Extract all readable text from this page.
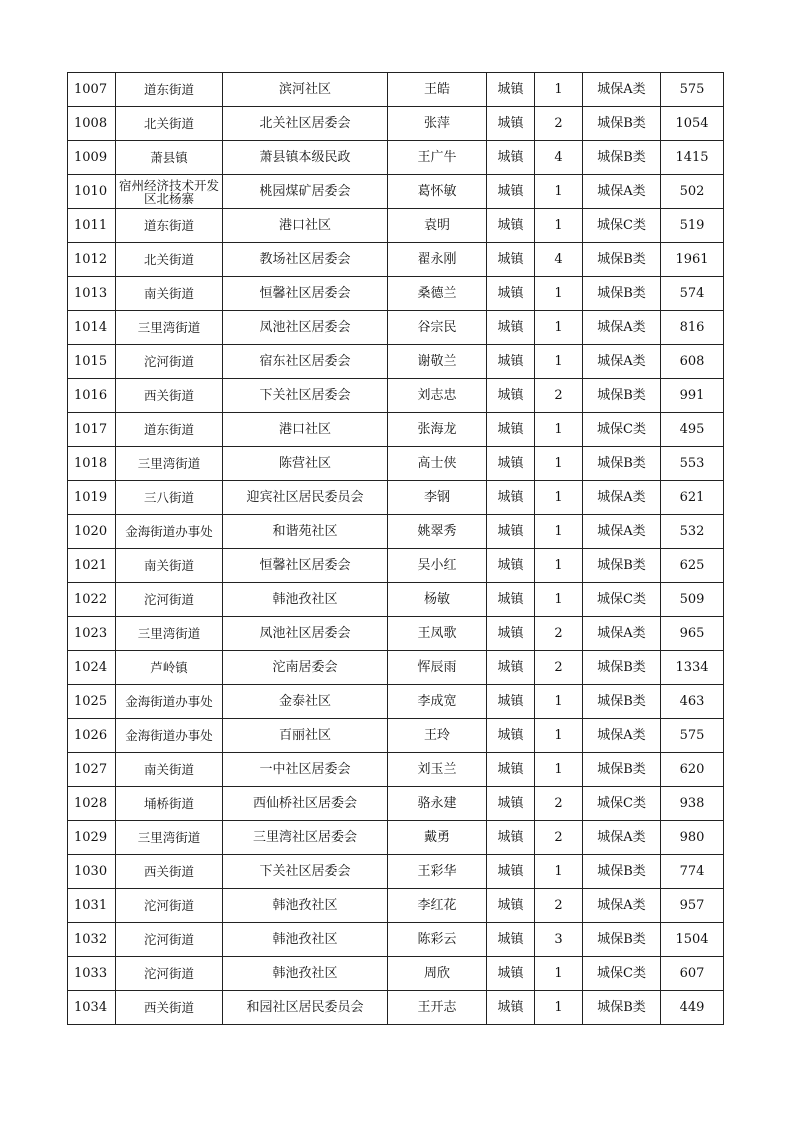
1007	道东街道	滨河社区	王皓	城镇	1	城保A类	575
1008	北关街道	北关社区居委会	张萍	城镇	2	城保B类	1054
1009	萧县镇	萧县镇本级民政	王广牛	城镇	4	城保B类	1415
1010	宿州经济技术开发区北杨寨	桃园煤矿居委会	葛怀敏	城镇	1	城保A类	502
1011	道东街道	港口社区	袁明	城镇	1	城保C类	519
1012	北关街道	教场社区居委会	翟永刚	城镇	4	城保B类	1961
1013	南关街道	恒馨社区居委会	桑德兰	城镇	1	城保B类	574
1014	三里湾街道	凤池社区居委会	谷宗民	城镇	1	城保A类	816
1015	沱河街道	宿东社区居委会	谢敬兰	城镇	1	城保A类	608
1016	西关街道	下关社区居委会	刘志忠	城镇	2	城保B类	991
1017	道东街道	港口社区	张海龙	城镇	1	城保C类	495
1018	三里湾街道	陈营社区	高士侠	城镇	1	城保B类	553
1019	三八街道	迎宾社区居民委员会	李钢	城镇	1	城保A类	621
1020	金海街道办事处	和谐苑社区	姚翠秀	城镇	1	城保A类	532
1021	南关街道	恒馨社区居委会	吴小红	城镇	1	城保B类	625
1022	沱河街道	韩池孜社区	杨敏	城镇	1	城保C类	509
1023	三里湾街道	凤池社区居委会	王凤歌	城镇	2	城保A类	965
1024	芦岭镇	沱南居委会	恽辰雨	城镇	2	城保B类	1334
1025	金海街道办事处	金泰社区	李成宽	城镇	1	城保B类	463
1026	金海街道办事处	百丽社区	王玲	城镇	1	城保A类	575
1027	南关街道	一中社区居委会	刘玉兰	城镇	1	城保B类	620
1028	埇桥街道	西仙桥社区居委会	骆永建	城镇	2	城保C类	938
1029	三里湾街道	三里湾社区居委会	戴勇	城镇	2	城保A类	980
1030	西关街道	下关社区居委会	王彩华	城镇	1	城保B类	774
1031	沱河街道	韩池孜社区	李红花	城镇	2	城保A类	957
1032	沱河街道	韩池孜社区	陈彩云	城镇	3	城保B类	1504
1033	沱河街道	韩池孜社区	周欣	城镇	1	城保C类	607
1034	西关街道	和园社区居民委员会	王开志	城镇	1	城保B类	449
